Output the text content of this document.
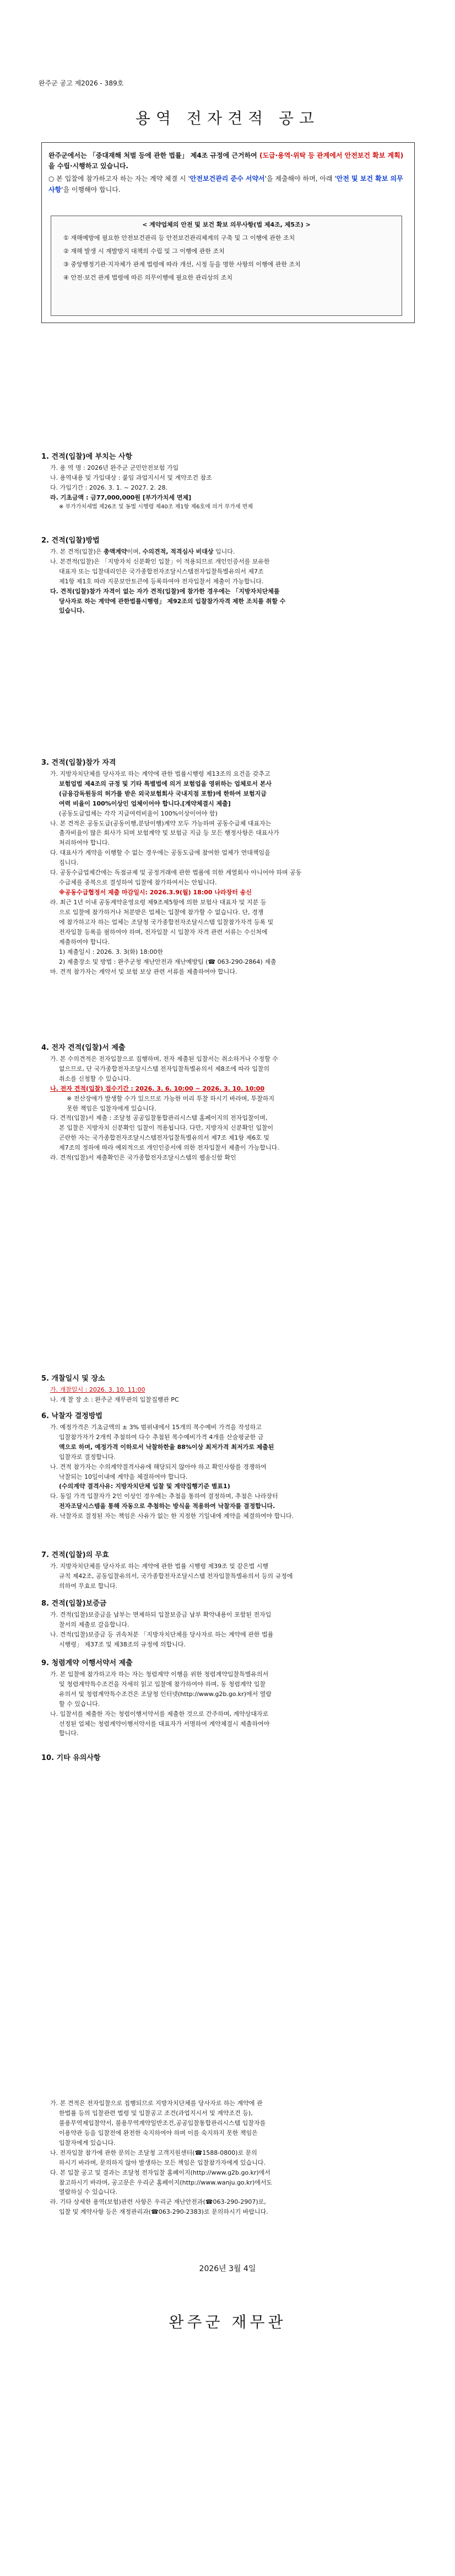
완주군 공고 제2026 - 389호
용역 전자견적 공고
완주군에서는 「중대재해 처벌 등에 관한 법률」 제4조 규정에 근거하여 (도급·용역·위탁 등 관계에서 안전보건 확보 계획) 을 수립·시행하고 있습니다.
○ 본 입찰에 참가하고자 하는 자는 계약 체결 시 '안전보건관리 준수 서약서'을 제출해야 하며, 아래 '안전 및 보건 확보 의무사항'을 이행해야 합니다.
< 계약업체의 안전 및 보건 확보 의무사항(법 제4조, 제5조) >
① 재해예방에 필요한 안전보건관리 등 안전보건관리체계의 구축 및 그 이행에 관한 조치
② 재해 발생 시 재발방지 대책의 수립 및 그 이행에 관한 조치
③ 중앙행정기관·지자체가 관계 법령에 따라 개선, 시정 등을 명한 사항의 이행에 관한 조치
④ 안전·보건 관계 법령에 따른 의무이행에 필요한 관리상의 조치
1. 견적(입찰)에 부치는 사항
가. 용 역 명 : 2026년 완주군 군민안전보험 가입
나. 용역내용 및 가입대상 : 붙임 과업지시서 및 계약조건 참조
다. 가입기간 : 2026. 3. 1. ~ 2027. 2. 28.
라. 기초금액 : 금77,000,000원 [부가가치세 면제]
※ 부가가치세법 제26조 및 동법 시행령 제40조 제1항 제6호에 의거 부가세 면제
2. 견적(입찰)방법
가. 본 견적(입찰)은 총액계약이며, 수의견적, 적격심사 비대상 입니다.
나. 본견적(입찰)은 「지방자치 신분확인 입찰」이 적용되므로 개인인증서를 보유한
대표자 또는 입찰대리인은 국가종합전자조달시스템전자입찰특별유의서 제7조
제1항 제1호 따라 지문보안토큰에 등록하여야 전자입찰서 제출이 가능합니다.
다. 견적(입찰)참가 자격이 없는 자가 견적(입찰)에 참가한 경우에는 「지방자치단체를
당사자로 하는 계약에 관한법률시행령」 제92조의 입찰참가자격 제한 조치를 취할 수
있습니다.
3. 견적(입찰)참가 자격
가. 지방자치단체를 당사자로 하는 계약에 관한 법률시행령 제13조의 요건을 갖추고
보험업법 제4조의 규정 및 기타 특별법에 의거 보험업을 영위하는 업체로서 본사
(금융감독원등의 허가를 받은 외국보험회사 국내지점 포함)에 한하여 보험지급
여력 비율이 100%이상인 업체이어야 합니다.[계약체결시 제출]
(공동도급업체는 각각 지급여력비율이 100%이상이어야 함)
나. 본 견적은 공동도급(공동이행,분담이행)계약 모두 가능하며 공동수급체 대표자는
출자비율이 많은 회사가 되며 보험계약 및 보험금 지급 등 모든 행정사항은 대표사가
처리하여야 합니다.
다. 대표사가 계약을 이행할 수 없는 경우에는 공동도급에 참여한 업체가 연대책임을
집니다.
다. 공동수급업체간에는 독점규제 및 공정거래에 관한 법률에 의한 계열회사 아니어야 하며 공동
수급체를 중복으로 결성하여 입찰에 참가하여서는 안됩니다.
※공동수급협정서 제출 마감일시: 2026.3.9(월) 18:00 나라장터 송신
라. 최근 1년 이내 공동계약운영요령 제9조제5항에 의한 보험사 대표자 및 지분 등
으로 입찰에 참가하거나 처분받은 업체는 입찰에 참가할 수 없습니다. 단, 경쟁
에 참가하고자 하는 업체는 조달청 국가종합전자조달시스템 입찰참가자격 등록 및
전자입찰 등록을 필하여야 하며, 전자입찰 시 입찰자 자격 관련 서류는 수신처에
제출하여야 합니다.
1) 제출일시 : 2026. 3. 3(화) 18:00한
2) 제출장소 및 방법 : 완주군청 재난안전과 재난예방팀 (☎ 063-290-2864) 제출
마. 견적 참가자는 계약서 및 보험 보상 관련 서류를 제출하여야 합니다.
4. 전자 견적(입찰)서 제출
가. 본 수의견적은 전자입찰으로 집행하며, 전자 제출된 입찰서는 취소하거나 수정할 수
없으므로, 단 국가종합전자조달시스템 전자입찰특별유의서 제8조에 따라 입찰의
취소를 신청할 수 있습니다.
나. 전자 견적(입찰) 접수기간 : 2026. 3. 6. 10:00 ~ 2026. 3. 10. 10:00
※ 전산장애가 발생할 수가 있으므로 가능한 미리 투찰 하시기 바라며, 투찰하지
못한 책임은 입찰자에게 있습니다.
다. 견적(입찰)서 제출 : 조달청 공공입찰통합관리시스템 홈페이지의 전자입찰이며,
본 입찰은 지방자치 신분확인 입찰이 적용됩니다. 다만, 지방자치 신분확인 입찰이
곤란한 자는 국가종합전자조달시스템전자입찰특별유의서 제7조 제1항 제6호 및
제7조의 정하에 따라 예외적으로 개인인증서에 의한 전자입찰서 제출이 가능합니다.
라. 견적(입찰)서 제출확인은 국가종합전자조달시스템의 웹송신함 확인
5. 개찰일시 및 장소
가. 개찰일시 : 2026. 3. 10. 11:00
나. 개 찰 장 소 : 완주군 재무관의 입찰집행관 PC
6. 낙찰자 결정방법
가. 예정가격은 기초금액의 ± 3% 범위내에서 15개의 복수예비 가격을 작성하고
입찰참가자가 2개씩 추첨하여 다수 추첨된 복수예비가격 4개를 산술평균한 금
액으로 하며, 예정가격 이하로서 낙찰하한율 88%이상 최저가격 최저가로 제출된
입찰자로 결정합니다.
나. 견적 참가자는 수의계약결격사유에 해당되지 않아야 하고 확인사항를 경쟁하여
낙찰되는 10일이내에 계약을 체결하여야 합니다.
(수의계약 결격사유: 지방자치단체 입찰 및 계약집행기준 별표1)
다. 동일 가격 입찰자가 2인 이상인 경우에는 추첨을 통하여 결정하며, 추첨은 나라장터
전자조달시스템을 통해 자동으로 추첨하는 방식을 적용하여 낙찰자를 결정합니다.
라. 낙찰자로 결정된 자는 책임은 사유가 없는 한 지정한 기일내에 계약을 체결하여야 합니다.
7. 견적(입찰)의 무효
가. 지방자치단체를 당사자로 하는 계약에 관한 법률 시행령 제39조 및 같은법 시행
규칙 제42조, 공동입찰유의서, 국가종합전자조달시스템 전자입찰특별유의서 등의 규정에
의하여 무효로 합니다.
8. 견적(입찰)보증금
가. 견적(입찰)보증금을 납부는 면제하되 입찰보증금 납부 확약내용이 포함된 전자입
찰서의 제출로 갈음합니다.
나. 견적(입찰)보증금 등 귀속처분 「지방자치단체를 당사자로 하는 계약에 관한 법률
시행령」 제37조 및 제38조의 규정에 의합니다.
9. 청렴계약 이행서약서 제출
가. 본 입찰에 참가하고자 하는 자는 청렴계약 이행을 위한 청렴계약입찰특별유의서
및 청렴계약특수조건을 자세히 읽고 입찰에 참가하여야 하며, 동 청렴계약 입찰
유의서 및 청렴계약특수조건은 조달청 인터넷(http://www.g2b.go.kr)에서 열람
할 수 있습니다.
나. 입찰서를 제출한 자는 청렴이행서약서를 제출한 것으로 간주하며, 계약상대자로
선정된 업체는 청렴계약이행서약서를 대표자가 서명하여 계약체결시 제출하여야
합니다.
10. 기타 유의사항
가. 본 견적은 전자입찰으로 집행되므로 지방자치단체를 당사자로 하는 계약에 관
한법률 등의 입찰관련 법령 및 입찰공고 조건(과업지시서 및 계약조건 등),
불용무역제입찰약서, 불용무역계약일반조건,공공입찰통합관리시스템 입찰자를
이용약관 등을 입찰전에 완전한 숙지하여야 하며 이를 숙지하지 못한 책임은
입찰자에게 있습니다.
나. 전자입찰 참가에 관한 문의는 조달청 고객지원센터(☎1588-0800)로 문의
하시기 바라며, 문의하지 않아 발생하는 모든 책임은 입찰참가자에게 있습니다.
다. 본 입찰 공고 및 결과는 조달청 전자입찰 홈페이지(http://www.g2b.go.kr)에서
참고하시기 바라며, 공고문은 우리군 홈페이지(http://www.wanju.go.kr)에서도
열람하실 수 있습니다.
라. 기타 상세한 용역(보험)관련 사항은 우리군 재난안전과(☎063-290-2907)로,
입찰 및 계약사항 등은 재정관리과(☎063-290-2383)로 문의하시기 바랍니다.
2026년 3월 4일
완주군 재무관
